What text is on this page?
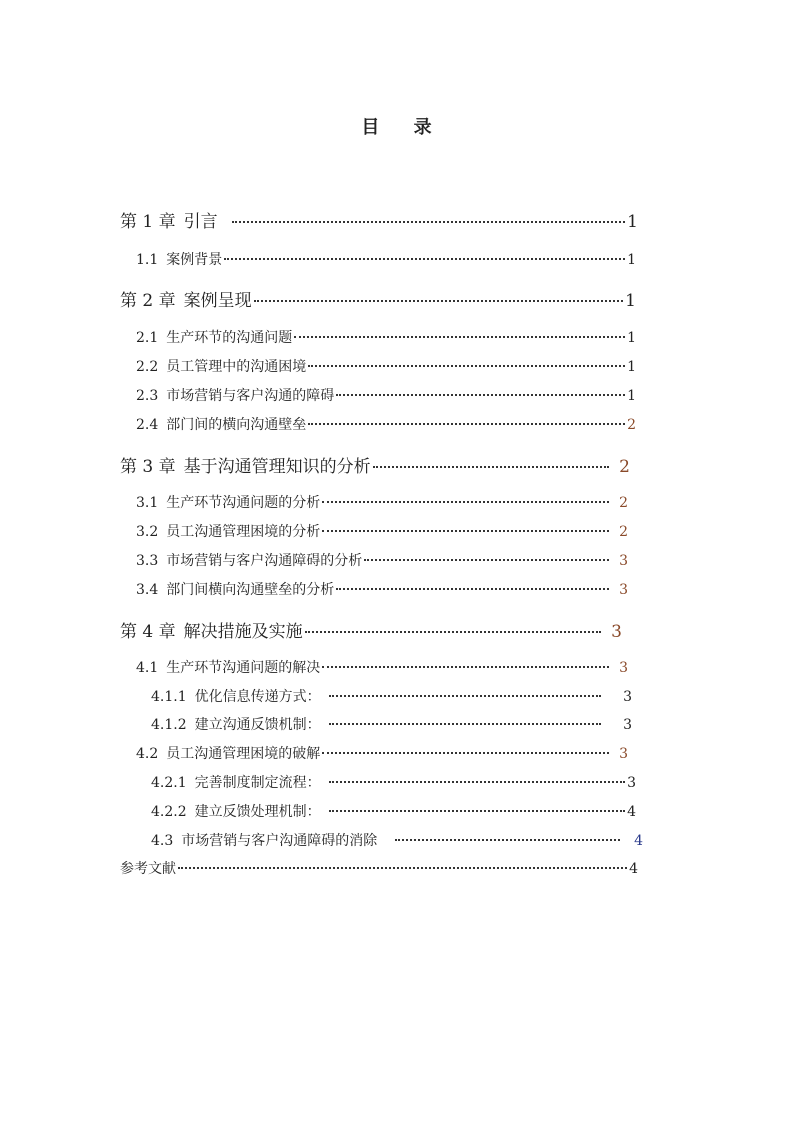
目 录
第 1 章 引言	1
1.1 案例背景	1
第 2 章 案例呈现	1
2.1 生产环节的沟通问题	1
2.2 员工管理中的沟通困境	1
2.3 市场营销与客户沟通的障碍	1
2.4 部门间的横向沟通壁垒	2
第 3 章 基于沟通管理知识的分析	2
3.1 生产环节沟通问题的分析	2
3.2 员工沟通管理困境的分析	2
3.3 市场营销与客户沟通障碍的分析	3
3.4 部门间横向沟通壁垒的分析	3
第 4 章 解决措施及实施	3
4.1 生产环节沟通问题的解决	3
4.1.1 优化信息传递方式：	3
4.1.2 建立沟通反馈机制：	3
4.2 员工沟通管理困境的破解	3
4.2.1 完善制度制定流程：	3
4.2.2 建立反馈处理机制：	4
4.3 市场营销与客户沟通障碍的消除	4
参考文献	4
